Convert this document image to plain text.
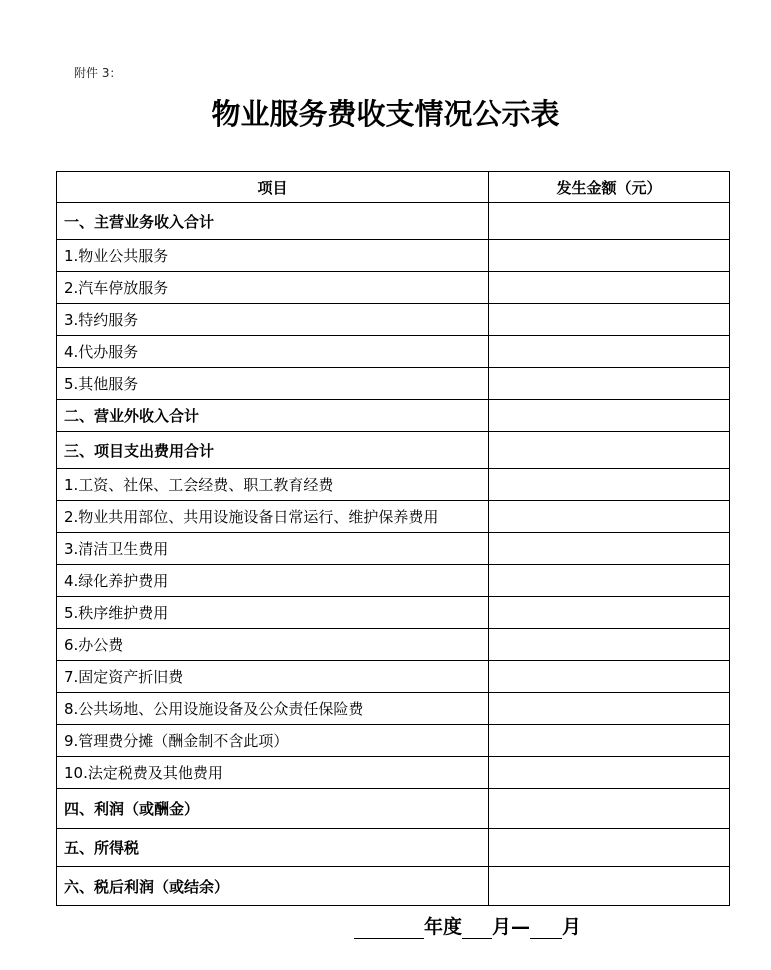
附件 3：
物业服务费收支情况公示表
项目	发生金额（元）
一、主营业务收入合计	
1.物业公共服务	
2.汽车停放服务	
3.特约服务	
4.代办服务	
5.其他服务	
二、营业外收入合计	
三、项目支出费用合计	
1.工资、社保、工会经费、职工教育经费	
2.物业共用部位、共用设施设备日常运行、维护保养费用	
3.清洁卫生费用	
4.绿化养护费用	
5.秩序维护费用	
6.办公费	
7.固定资产折旧费	
8.公共场地、公用设施设备及公众责任保险费	
9.管理费分摊（酬金制不含此项）	
10.法定税费及其他费用	
四、利润（或酬金）	
五、所得税	
六、税后利润（或结余）	
年度 月— 月
